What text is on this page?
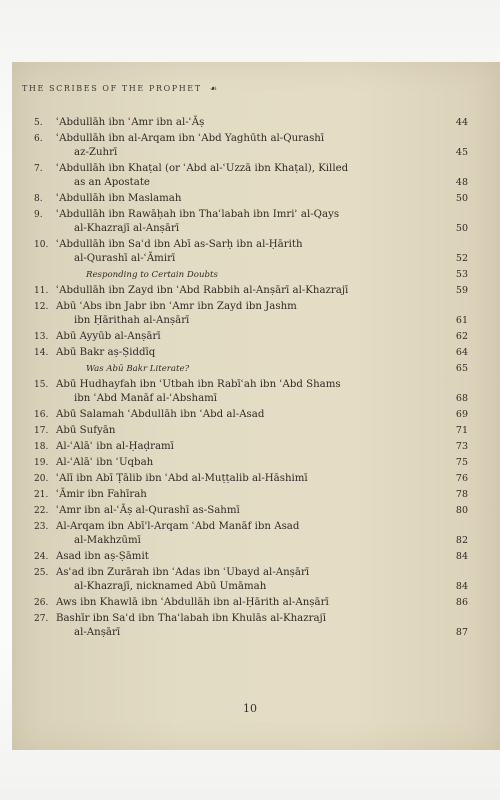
THE SCRIBES OF THE PROPHET ☙
5.	ʿAbdullāh ibn ʿAmr ibn al-ʿĀṣ	44
6.	ʿAbdullāh ibn al-Arqam ibn ʿAbd Yaghūth al-Qurashī
az-Zuhrī	45
7.	ʿAbdullāh ibn Khaṭal (or ʿAbd al-ʿUzzā ibn Khaṭal), Killed
as an Apostate	48
8.	ʿAbdullāh ibn Maslamah	50
9.	ʿAbdullāh ibn Rawāḥah ibn Thaʿlabah ibn Imriʾ al-Qays
al-Khazrajī al-Anṣārī	50
10. ʿAbdullāh ibn Saʿd ibn Abī as-Sarḥ ibn al-Ḥārith
al-Qurashī al-ʿĀmirī	52
Responding to Certain Doubts	53
11. ʿAbdullāh ibn Zayd ibn ʿAbd Rabbih al-Anṣārī al-Khazrajī	59
12. Abū ʿAbs ibn Jabr ibn ʿAmr ibn Zayd ibn Jashm
ibn Ḥārithah al-Anṣārī	61
13. Abū Ayyūb al-Anṣārī	62
14. Abū Bakr aṣ-Ṣiddīq	64
Was Abū Bakr Literate?	65
15. Abū Hudhayfah ibn ʿUtbah ibn Rabīʿah ibn ʿAbd Shams
ibn ʿAbd Manāf al-ʿAbshamī	68
16. Abū Salamah ʿAbdullāh ibn ʿAbd al-Asad	69
17. Abū Sufyān	71
18. Al-ʿAlāʾ ibn al-Ḥaḍramī	73
19. Al-ʿAlāʾ ibn ʿUqbah	75
20. ʿAlī ibn Abī Ṭālib ibn ʿAbd al-Muṭṭalib al-Hāshimī	76
21. ʿĀmir ibn Fahīrah	78
22. ʿAmr ibn al-ʿĀṣ al-Qurashī as-Sahmī	80
23. Al-Arqam ibn Abī'l-Arqam ʿAbd Manāf ibn Asad
al-Makhzūmī	82
24. Asad ibn aṣ-Ṣāmit	84
25. Asʿad ibn Zurārah ibn ʿAdas ibn ʿUbayd al-Anṣārī
al-Khazrajī, nicknamed Abū Umāmah	84
26. Aws ibn Khawlā ibn ʿAbdullāh ibn al-Ḥārith al-Anṣārī	86
27. Bashīr ibn Saʿd ibn Thaʿlabah ibn Khulās al-Khazrajī
al-Anṣārī	87
10
